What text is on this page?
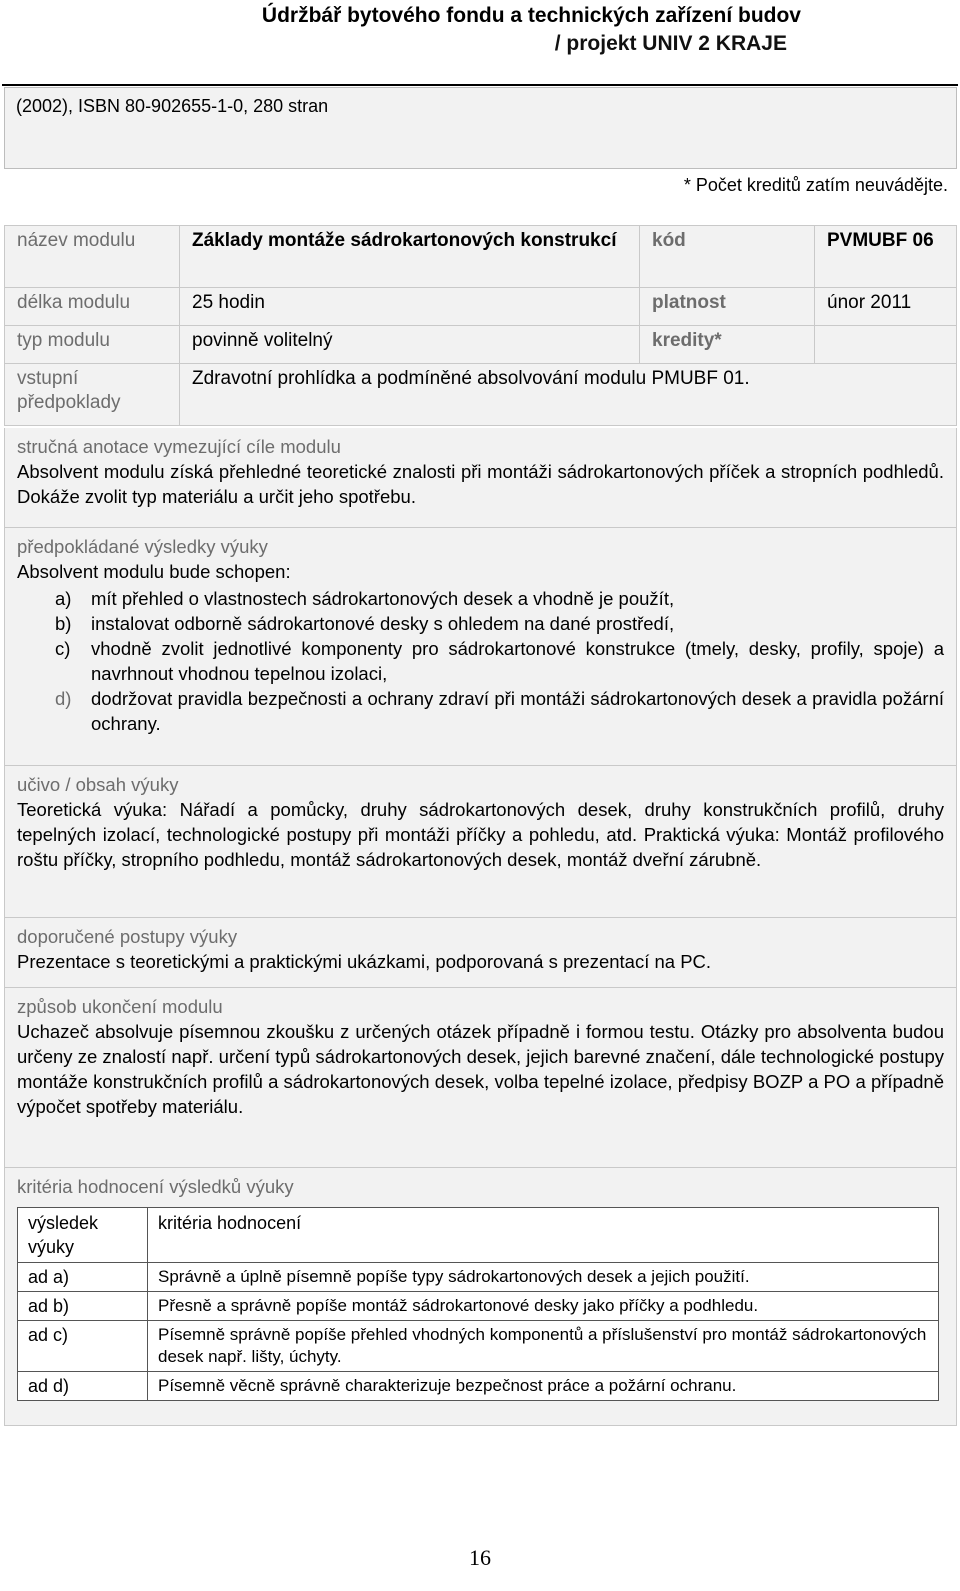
Údržbář bytového fondu a technických zařízení budov
/ projekt UNIV 2 KRAJE
(2002), ISBN 80-902655-1-0, 280 stran
* Počet kreditů zatím neuvádějte.
název modulu	Základy montáže sádrokartonových konstrukcí	kód	PVMUBF 06
délka modulu	25 hodin	platnost	únor 2011
typ modulu	povinně volitelný	kredity*	
vstupní předpoklady	Zdravotní prohlídka a podmíněné absolvování modulu PMUBF 01.		
stručná anotace vymezující cíle modulu
Absolvent modulu získá přehledné teoretické znalosti při montáži sádrokartonových příček a stropních podhledů. Dokáže zvolit typ materiálu a určit jeho spotřebu.
předpokládané výsledky výuky
Absolvent modulu bude schopen:
a)	mít přehled o vlastnostech sádrokartonových desek a vhodně je použít,
b)	instalovat odborně sádrokartonové desky s ohledem na dané prostředí,
c)	vhodně zvolit jednotlivé komponenty pro sádrokartonové konstrukce (tmely, desky, profily, spoje) a navrhnout vhodnou tepelnou izolaci,
d)	dodržovat pravidla bezpečnosti a ochrany zdraví při montáži sádrokartonových desek a pravidla požární ochrany.
učivo / obsah výuky
Teoretická výuka: Nářadí a pomůcky, druhy sádrokartonových desek, druhy konstrukčních profilů, druhy tepelných izolací, technologické postupy při montáži příčky a pohledu, atd. Praktická výuka: Montáž profilového roštu příčky, stropního podhledu, montáž sádrokartonových desek, montáž dveřní zárubně.
doporučené postupy výuky
Prezentace s teoretickými a praktickými ukázkami, podporovaná s prezentací na PC.
způsob ukončení modulu
Uchazeč absolvuje písemnou zkoušku z určených otázek případně i formou testu. Otázky pro absolventa budou určeny ze znalostí např. určení typů sádrokartonových desek, jejich barevné značení, dále technologické postupy montáže konstrukčních profilů a sádrokartonových desek, volba tepelné izolace, předpisy BOZP a PO a případně výpočet spotřeby materiálu.
kritéria hodnocení výsledků výuky
výsledek výuky	kritéria hodnocení
ad a)	Správně a úplně písemně popíše typy sádrokartonových desek a jejich použití.
ad b)	Přesně a správně popíše montáž sádrokartonové desky jako příčky a podhledu.
ad c)	Písemně správně popíše přehled vhodných komponentů a příslušenství pro montáž sádrokartonových desek např. lišty, úchyty.
ad d)	Písemně věcně správně charakterizuje bezpečnost práce a požární ochranu.
16
